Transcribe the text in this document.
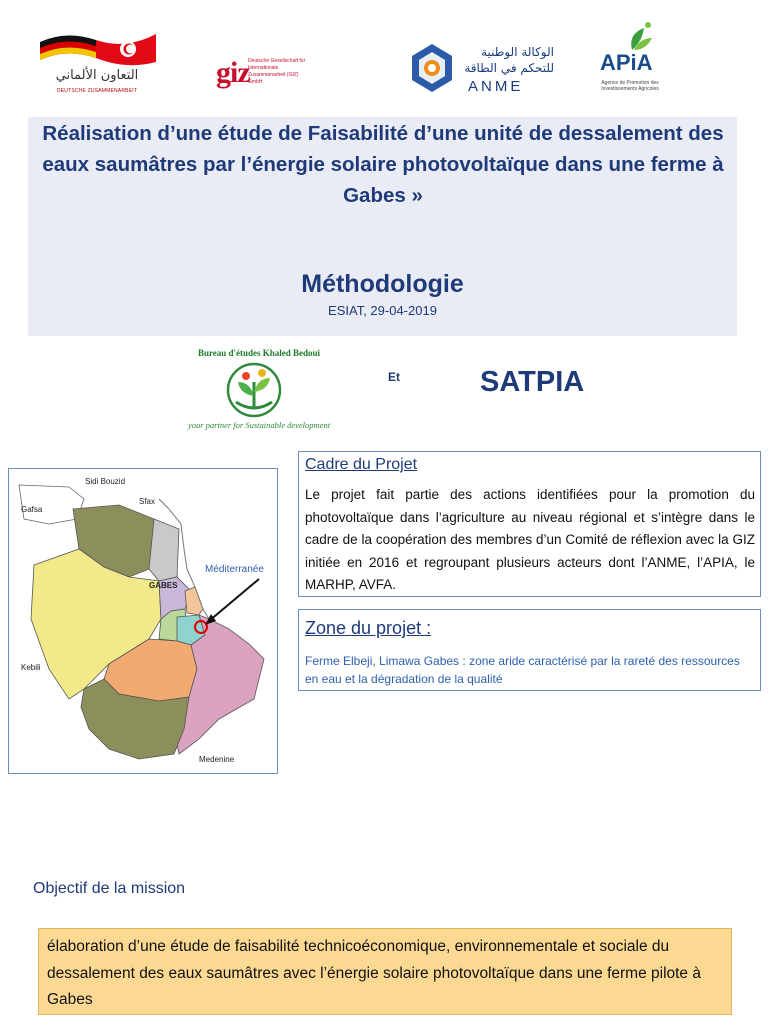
التعاون الألماني
DEUTSCHE ZUSAMMENARBEIT
giz
Deutsche Gesellschaft für Internationale Zusammenarbeit (GIZ) GmbH
الوكالة الوطنية للتحكم في الطاقة
ANME
APiA
Agence de Promotion des Investissements Agricoles
Réalisation d’une étude de Faisabilité d’une unité de dessalement des eaux saumâtres par l’énergie solaire photovoltaïque dans une ferme à Gabes »
Méthodologie
ESIAT, 29-04-2019
Bureau d'études Khaled Bedoui
your partner for Sustainable development
Et	SATPIA
Sidi Bouzid
Sfax
Gafsa
GABES
Kebili
Medenine
Méditerranée
Cadre du Projet
Le projet fait partie des actions identifiées pour la promotion du photovoltaïque dans l’agriculture au niveau régional et s’intègre dans le cadre de la coopération des membres d’un Comité de réflexion avec la GIZ initiée en 2016 et regroupant plusieurs acteurs dont l’ANME, l’APIA, le MARHP, AVFA.
Zone du projet :
Ferme Elbeji, Limawa Gabes : zone aride caractérisé par la rareté des ressources en eau et la dégradation de la qualité
Objectif de la mission
élaboration d’une étude de faisabilité technicoéconomique, environnementale et sociale du dessalement des eaux saumâtres avec l’énergie solaire photovoltaïque dans une ferme pilote à Gabes
